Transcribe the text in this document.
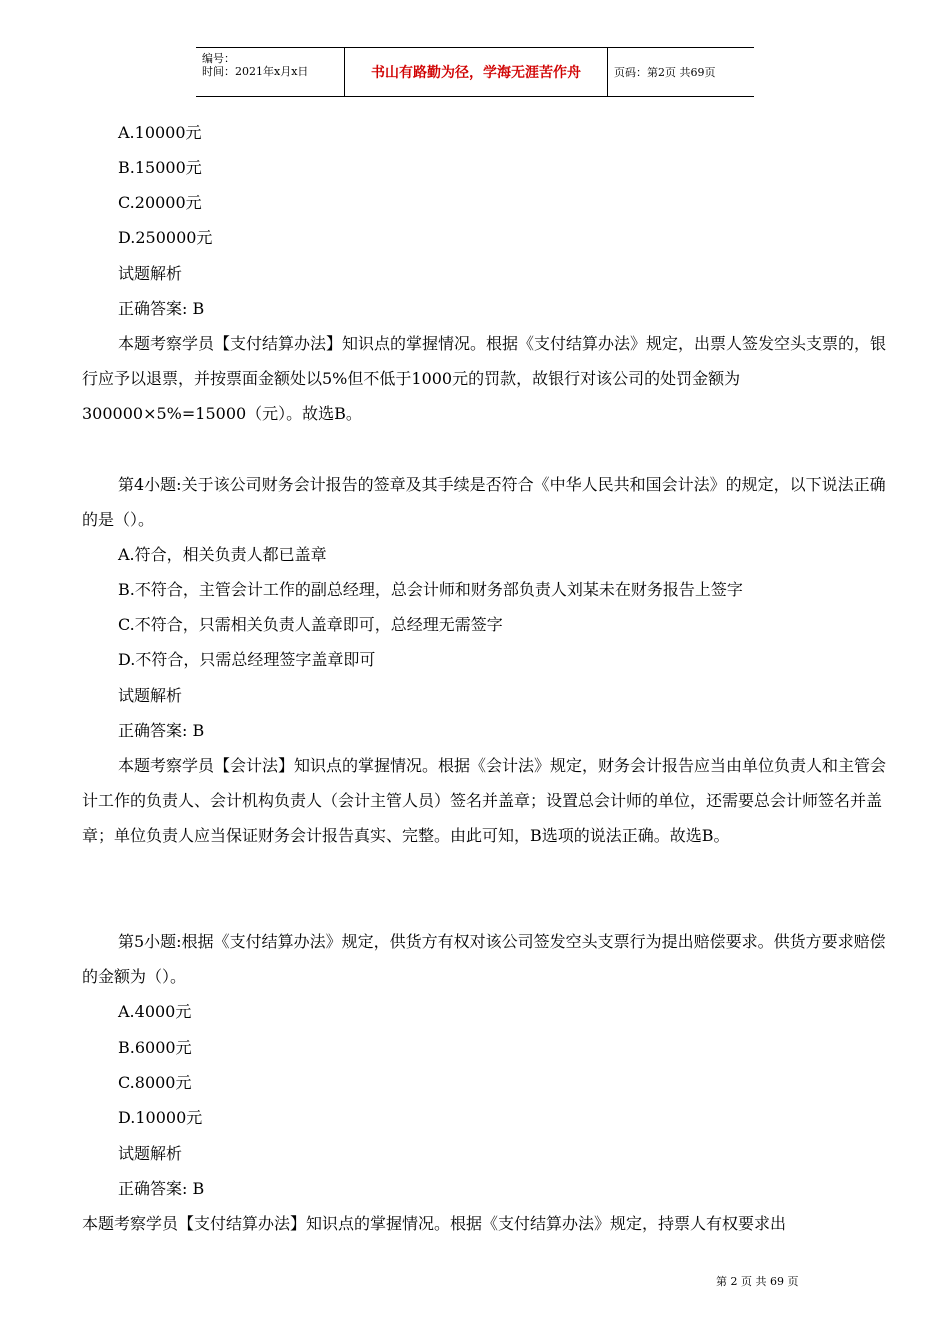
编号：
时间：2021年x月x日	书山有路勤为径，学海无涯苦作舟	页码：第2页 共69页
A.10000元
B.15000元
C.20000元
D.250000元
试题解析
正确答案: B
本题考察学员【支付结算办法】知识点的掌握情况。根据《支付结算办法》规定，出票人签发空头支票的，银行应予以退票，并按票面金额处以5%但不低于1000元的罚款，故银行对该公司的处罚金额为300000×5%=15000（元）。故选B。
第4小题:关于该公司财务会计报告的签章及其手续是否符合《中华人民共和国会计法》的规定，以下说法正确的是（）。
A.符合，相关负责人都已盖章
B.不符合，主管会计工作的副总经理，总会计师和财务部负责人刘某未在财务报告上签字
C.不符合，只需相关负责人盖章即可，总经理无需签字
D.不符合，只需总经理签字盖章即可
试题解析
正确答案: B
本题考察学员【会计法】知识点的掌握情况。根据《会计法》规定，财务会计报告应当由单位负责人和主管会计工作的负责人、会计机构负责人（会计主管人员）签名并盖章；设置总会计师的单位，还需要总会计师签名并盖章；单位负责人应当保证财务会计报告真实、完整。由此可知，B选项的说法正确。故选B。
第5小题:根据《支付结算办法》规定，供货方有权对该公司签发空头支票行为提出赔偿要求。供货方要求赔偿的金额为（）。
A.4000元
B.6000元
C.8000元
D.10000元
试题解析
正确答案: B
本题考察学员【支付结算办法】知识点的掌握情况。根据《支付结算办法》规定，持票人有权要求出
第 2 页 共 69 页
